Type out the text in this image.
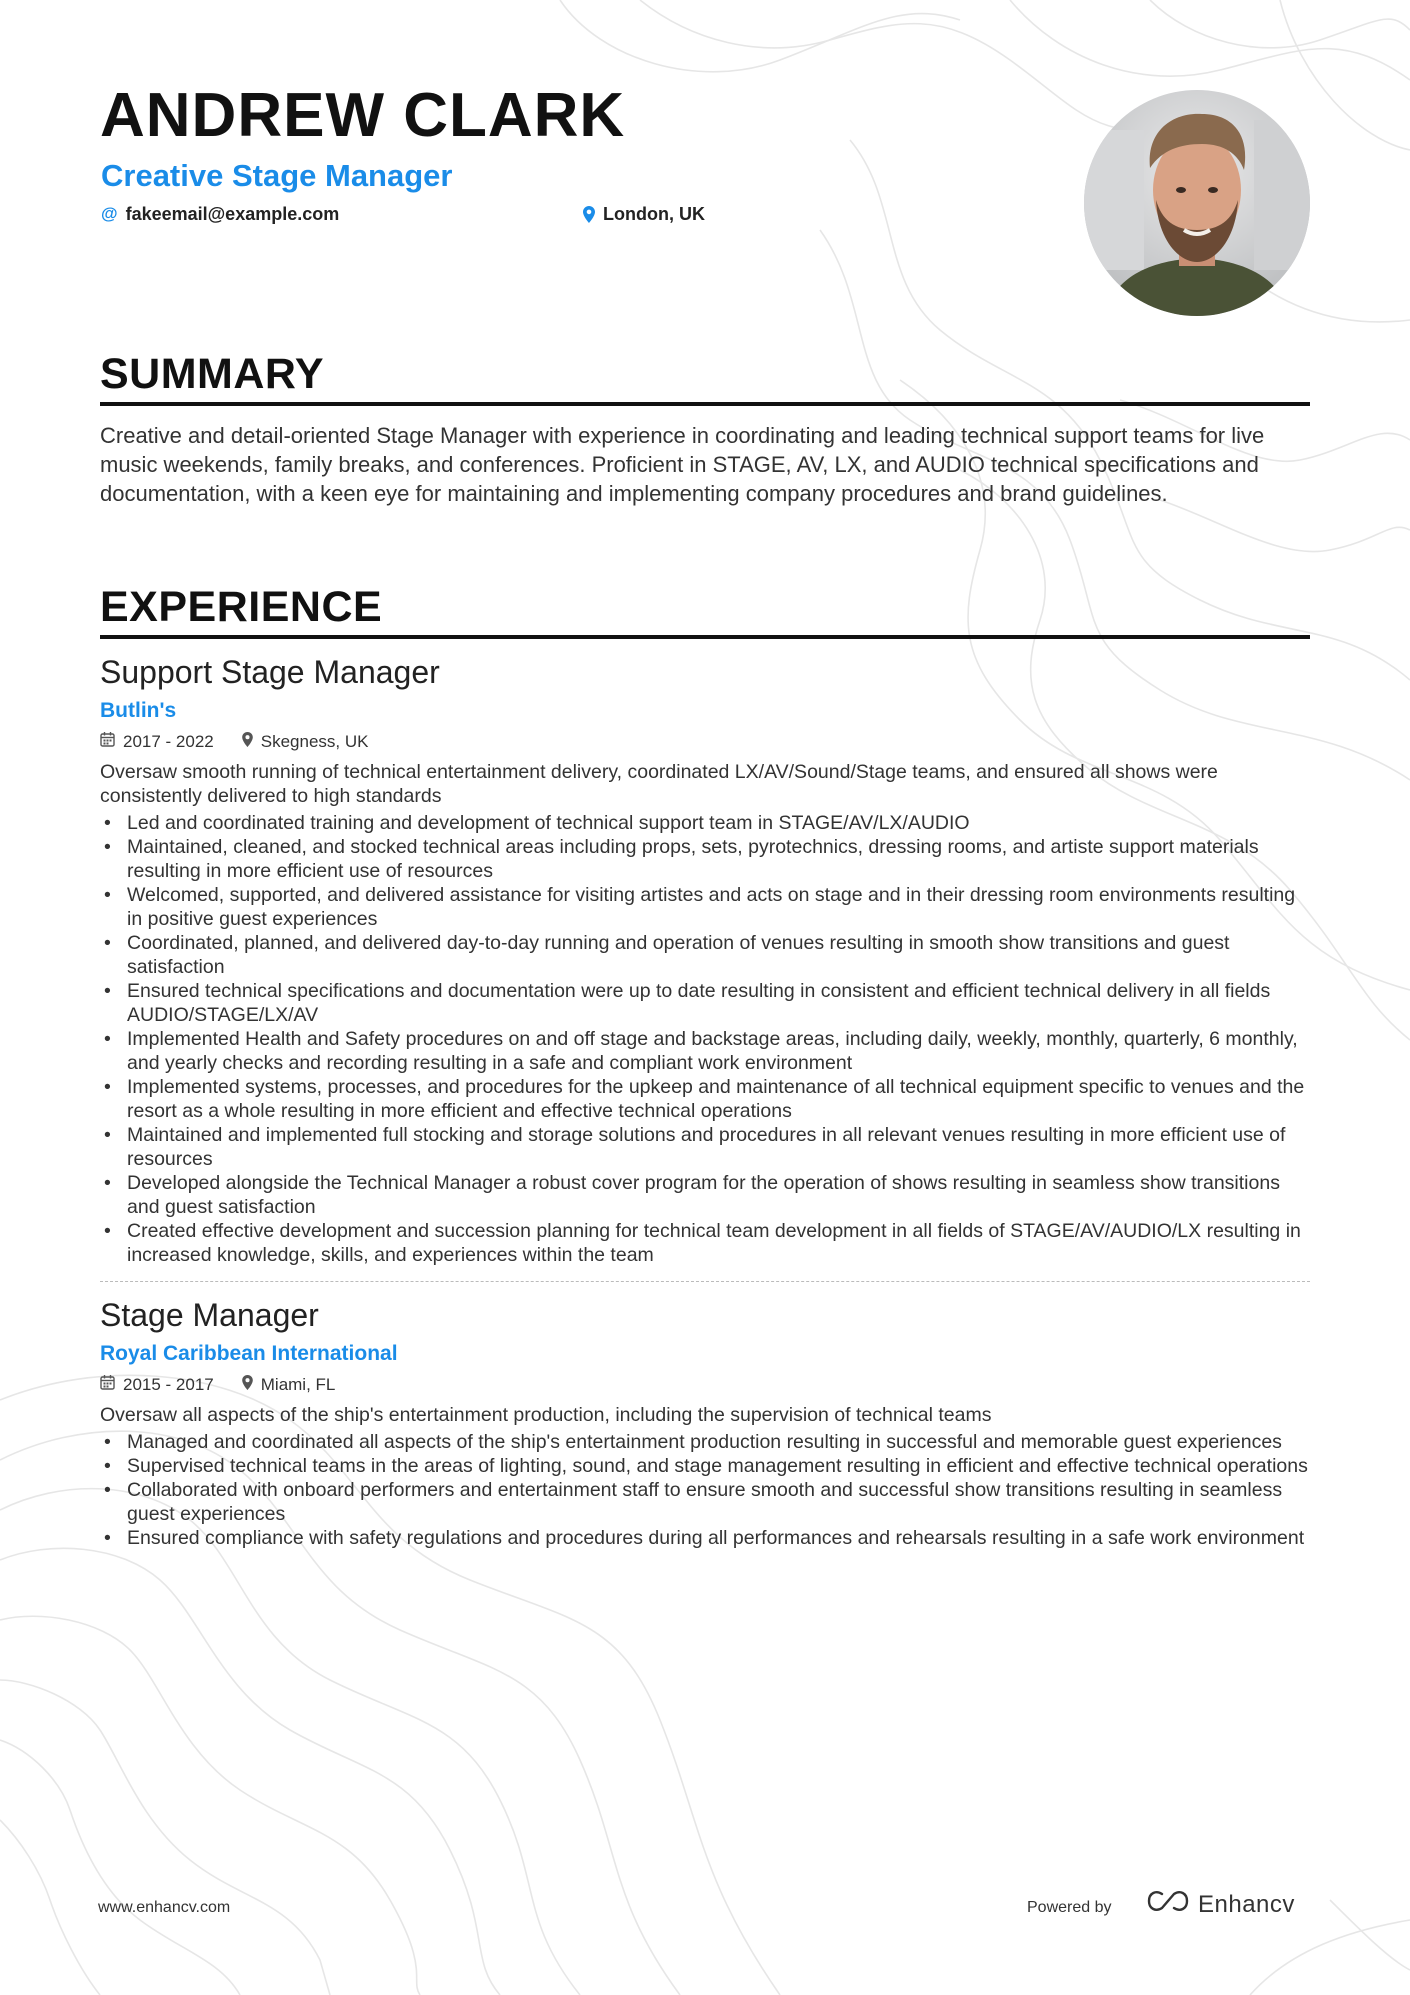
ANDREW CLARK
Creative Stage Manager
@ fakeemail@example.com	London, UK
SUMMARY
Creative and detail-oriented Stage Manager with experience in coordinating and leading technical support teams for live music weekends, family breaks, and conferences. Proficient in STAGE, AV, LX, and AUDIO technical specifications and documentation, with a keen eye for maintaining and implementing company procedures and brand guidelines.
EXPERIENCE
Support Stage Manager
Butlin's
2017 - 2022	Skegness, UK
Oversaw smooth running of technical entertainment delivery, coordinated LX/AV/Sound/Stage teams, and ensured all shows were consistently delivered to high standards
• Led and coordinated training and development of technical support team in STAGE/AV/LX/AUDIO
• Maintained, cleaned, and stocked technical areas including props, sets, pyrotechnics, dressing rooms, and artiste support materials resulting in more efficient use of resources
• Welcomed, supported, and delivered assistance for visiting artistes and acts on stage and in their dressing room environments resulting in positive guest experiences
• Coordinated, planned, and delivered day-to-day running and operation of venues resulting in smooth show transitions and guest satisfaction
• Ensured technical specifications and documentation were up to date resulting in consistent and efficient technical delivery in all fields AUDIO/STAGE/LX/AV
• Implemented Health and Safety procedures on and off stage and backstage areas, including daily, weekly, monthly, quarterly, 6 monthly, and yearly checks and recording resulting in a safe and compliant work environment
• Implemented systems, processes, and procedures for the upkeep and maintenance of all technical equipment specific to venues and the resort as a whole resulting in more efficient and effective technical operations
• Maintained and implemented full stocking and storage solutions and procedures in all relevant venues resulting in more efficient use of resources
• Developed alongside the Technical Manager a robust cover program for the operation of shows resulting in seamless show transitions and guest satisfaction
• Created effective development and succession planning for technical team development in all fields of STAGE/AV/AUDIO/LX resulting in increased knowledge, skills, and experiences within the team
Stage Manager
Royal Caribbean International
2015 - 2017	Miami, FL
Oversaw all aspects of the ship's entertainment production, including the supervision of technical teams
• Managed and coordinated all aspects of the ship's entertainment production resulting in successful and memorable guest experiences
• Supervised technical teams in the areas of lighting, sound, and stage management resulting in efficient and effective technical operations
• Collaborated with onboard performers and entertainment staff to ensure smooth and successful show transitions resulting in seamless guest experiences
• Ensured compliance with safety regulations and procedures during all performances and rehearsals resulting in a safe work environment
www.enhancv.com	Powered by	Enhancv
